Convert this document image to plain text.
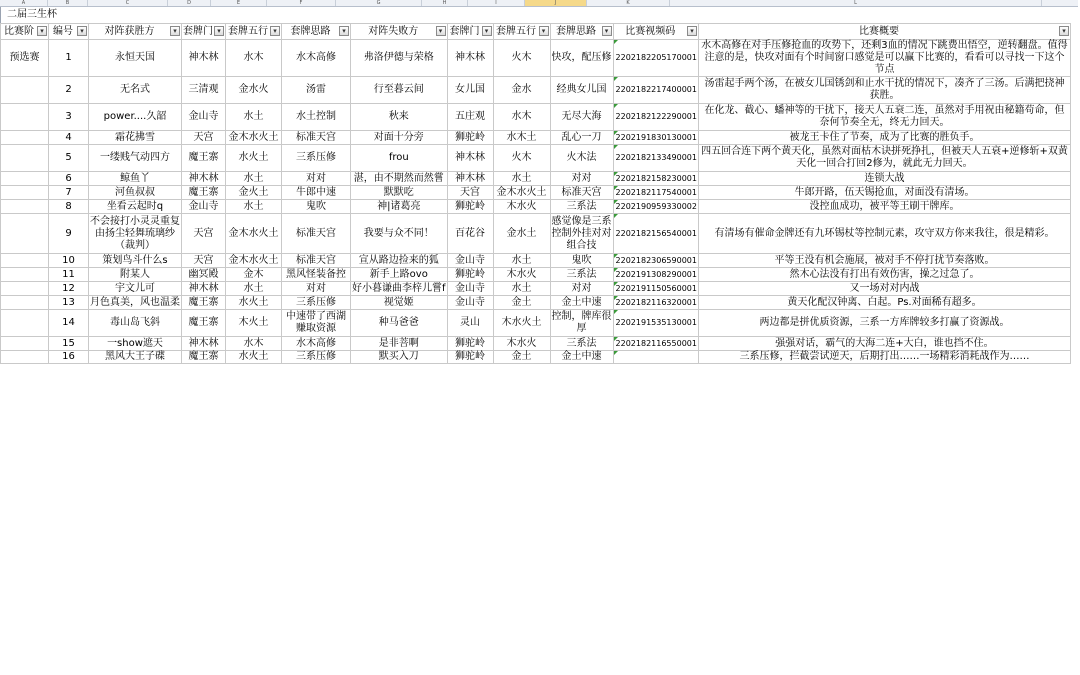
A	B	C	D	E	F	G	H	I	J	K	L
二届三生杯
比赛阶 ▾	编号 ▾	对阵获胜方 ▾	套牌门 ▾	套牌五行 ▾	套牌思路 ▾	对阵失败方 ▾	套牌门 ▾	套牌五行 ▾	套牌思路 ▾	比赛视频码 ▾	比赛概要 ▾

预选赛	1	永恒天国	神木林	水木	水木高修	弗洛伊德与荣格	神木林	火木	快攻，配压修	2202182205170001	水木高修在对手压修抢血的攻势下，还剩3血的情况下跳费出悟空，逆转翻盘。值得注意的是，快攻对面有个时间窗口感觉是可以赢下比赛的，看看可以寻找一下这个节点
	2	无名式	三清观	金水火	汤雷	行至暮云间	女儿国	金水	经典女儿国	2202182217400001	汤雷起手两个汤，在被女儿国锈剑和止水干扰的情况下，凑齐了三汤。后满把挠神获胜。
	3	power....久韶	金山寺	水土	水土控制	秋来	五庄观	水木	无尽大海	2202182122290001	在化龙、截心、蟠神等的干扰下，接天人五衰二连，虽然对手用祝由秘籍苟命，但奈何节奏全无，终无力回天。
	4	霜花拂雪	天宫	金木水火土	标准天宫	对面十分旁	狮驼岭	水木土	乱心一刀	2202191830130001	被龙王卡住了节奏，成为了比赛的胜负手。
	5	一缕贱气动四方	魔王寨	水火土	三系压修	frou	神木林	火木	火木法	2202182133490001	四五回合连下两个黄天化，虽然对面枯木诀拼死挣扎，但被天人五衰+逆修斩+双黄天化一回合打回2修为，就此无力回天。
	6	鲸鱼丫	神木林	水土	对对	湛，由不期然而然嘗	神木林	水土	对对	2202182158230001	连锁大战
	7	河鱼叔叔	魔王寨	金火土	牛郎中速	默默吃	天宫	金木水火土	标准天宫	2202182117540001	牛郎开路，伍天锡抢血，对面没有清场。
	8	坐看云起时q	金山寺	水土	鬼吹	神|诸葛亮	狮驼岭	木水火	三系法	2202190959330002	没控血成功，被平等王刷干牌库。
	9	不会接打小灵灵重复由扬尘轻舞琉璃纱（裁判）	天宫	金木水火土	标准天宫	我要与众不同！	百花谷	金水土	感觉像是三系控制外挂对对组合技	2202182156540001	有清场有催命金牌还有九环锡杖等控制元素，攻守双方你来我往，很是精彩。
	10	策划鸟斗什么s	天宫	金木水火土	标准天宫	宣从路边捡来的狐	金山寺	水土	鬼吹	2202182306590001	平等王没有机会施展，被对手不停打扰节奏落败。
	11	附某人	幽冥殿	金木	黑风怪装备控	新手上路ovo	狮驼岭	木水火	三系法	2202191308290001	然木心法没有打出有效伤害，操之过急了。
	12	宇文儿可	神木林	水土	对对	好小暮谦曲李梓儿嘗f	金山寺	水土	对对	2202191150560001	又一场对对内战
	13	月色真美，风也温柔	魔王寨	水火土	三系压修	视觉姬	金山寺	金土	金土中速	2202182116320001	黄天化配汉钟离、白起。Ps.对面稀有超多。
	14	毒山岛飞斜	魔王寨	木火土	中速带了西湖赚取资源	种马爸爸	灵山	木水火土	控制，牌库很厚	2202191535130001	两边都是拼优质资源，三系一方库牌较多打赢了资源战。
	15	一show遮天	神木林	水木	水木高修	是非菩啊	狮驼岭	木水火	三系法	2202182116550001	强强对话，霸气的大海二连+大白，谁也挡不住。
	16	黑风大王子碟	魔王寨	水火土	三系压修	默买入刀	狮驼岭	金土	金土中速		三系压修，拦截尝试逆天，后期打出……一场精彩消耗战作为……
